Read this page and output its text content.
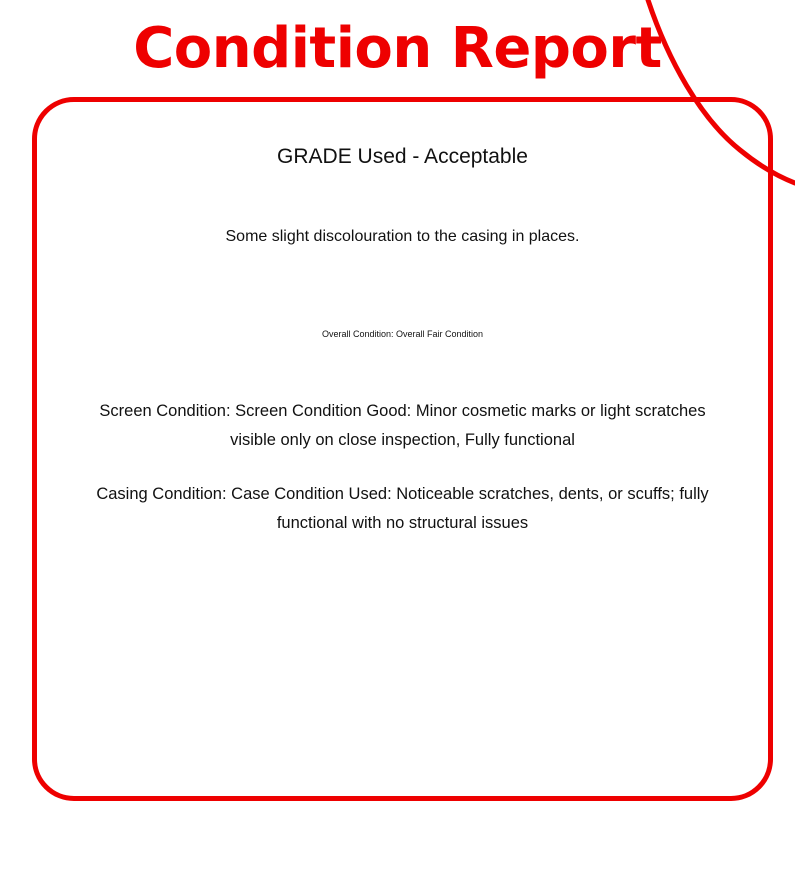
Condition Report
GRADE Used - Acceptable
Some slight discolouration to the casing in places.
Overall Condition: Overall Fair Condition
Screen Condition: Screen Condition Good: Minor cosmetic marks or light scratches visible only on close inspection, Fully functional
Casing Condition: Case Condition Used: Noticeable scratches, dents, or scuffs; fully functional with no structural issues
